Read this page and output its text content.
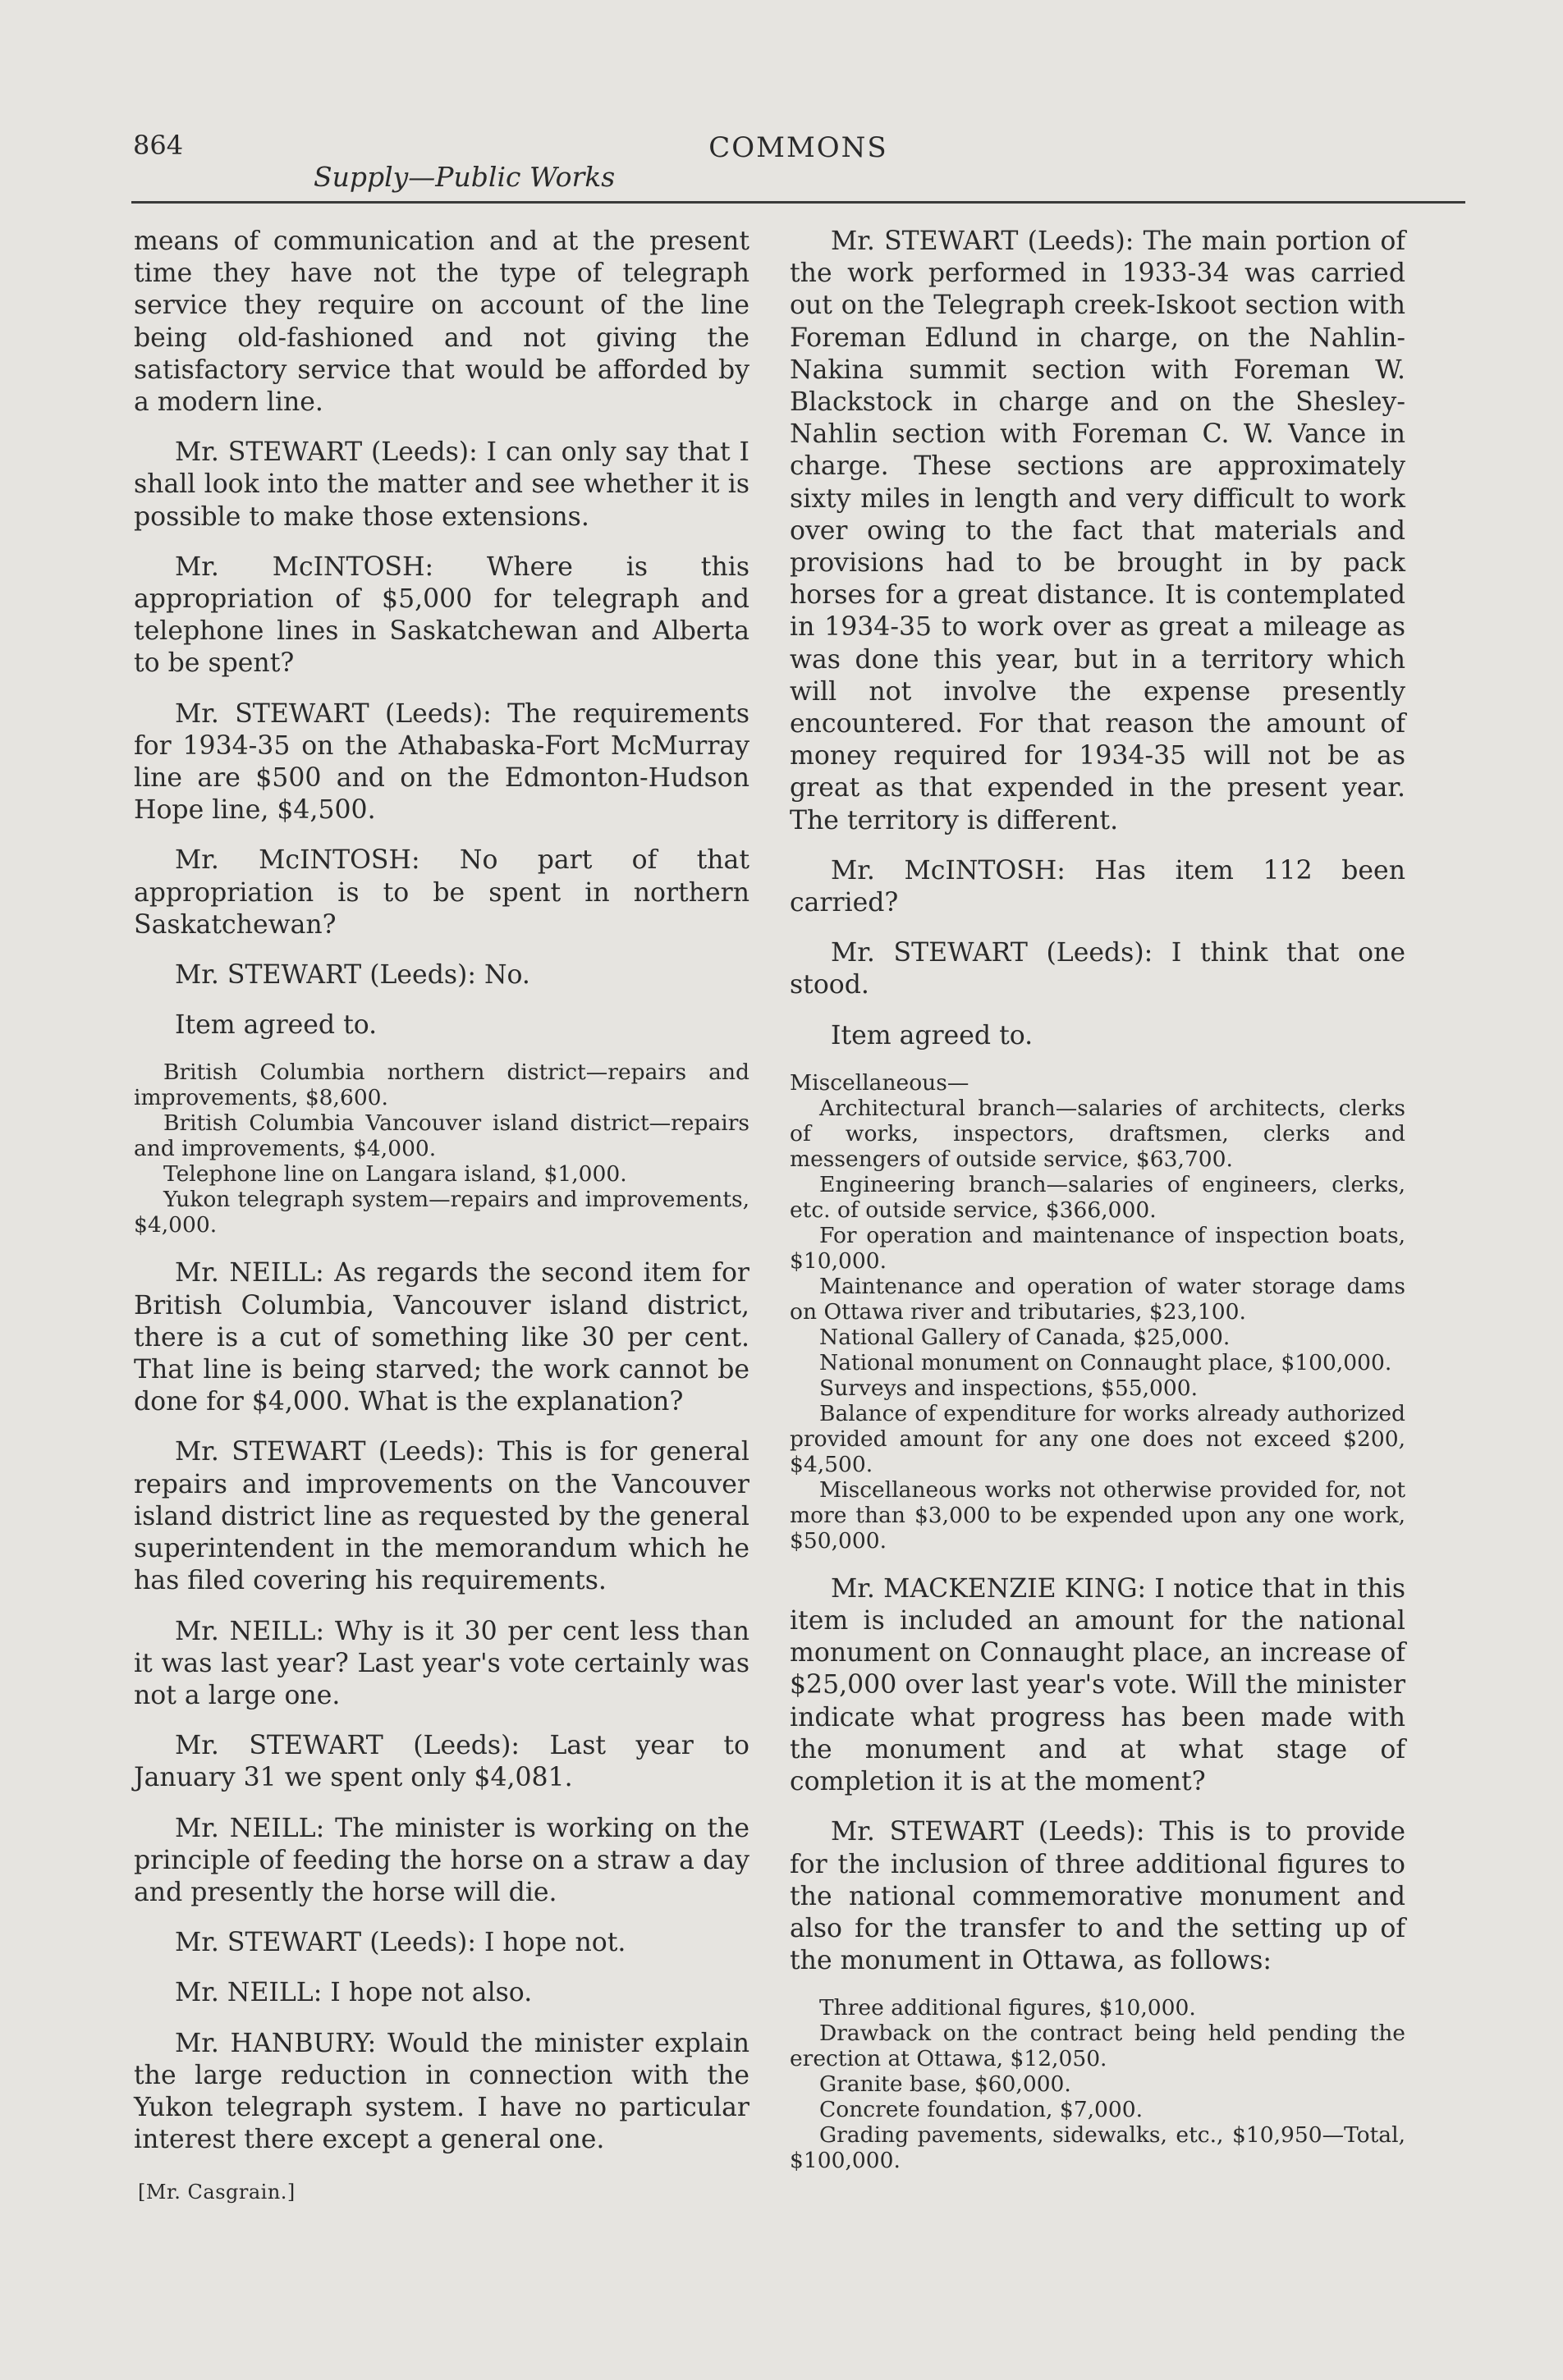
864	COMMONS
Supply—Public Works

means of communication and at the present time they have not the type of telegraph service they require on account of the line being old-fashioned and not giving the satisfactory service that would be afforded by a modern line.

Mr. STEWART (Leeds): I can only say that I shall look into the matter and see whether it is possible to make those extensions.

Mr. McINTOSH: Where is this appropriation of $5,000 for telegraph and telephone lines in Saskatchewan and Alberta to be spent?

Mr. STEWART (Leeds): The requirements for 1934-35 on the Athabaska-Fort McMurray line are $500 and on the Edmonton-Hudson Hope line, $4,500.

Mr. McINTOSH: No part of that appropriation is to be spent in northern Saskatchewan?

Mr. STEWART (Leeds): No.

Item agreed to.

British Columbia northern district—repairs and improvements, $8,600.

British Columbia Vancouver island district—repairs and improvements, $4,000.

Telephone line on Langara island, $1,000.

Yukon telegraph system—repairs and improvements, $4,000.

Mr. NEILL: As regards the second item for British Columbia, Vancouver island district, there is a cut of something like 30 per cent. That line is being starved; the work cannot be done for $4,000. What is the explanation?

Mr. STEWART (Leeds): This is for general repairs and improvements on the Vancouver island district line as requested by the general superintendent in the memorandum which he has filed covering his requirements.

Mr. NEILL: Why is it 30 per cent less than it was last year? Last year's vote certainly was not a large one.

Mr. STEWART (Leeds): Last year to January 31 we spent only $4,081.

Mr. NEILL: The minister is working on the principle of feeding the horse on a straw a day and presently the horse will die.

Mr. STEWART (Leeds): I hope not.

Mr. NEILL: I hope not also.

Mr. HANBURY: Would the minister explain the large reduction in connection with the Yukon telegraph system. I have no particular interest there except a general one.

Mr. STEWART (Leeds): The main portion of the work performed in 1933-34 was carried out on the Telegraph creek-Iskoot section with Foreman Edlund in charge, on the Nahlin-Nakina summit section with Foreman W. Blackstock in charge and on the Shesley-Nahlin section with Foreman C. W. Vance in charge. These sections are approximately sixty miles in length and very difficult to work over owing to the fact that materials and provisions had to be brought in by pack horses for a great distance. It is contemplated in 1934-35 to work over as great a mileage as was done this year, but in a territory which will not involve the expense presently encountered. For that reason the amount of money required for 1934-35 will not be as great as that expended in the present year. The territory is different.

Mr. McINTOSH: Has item 112 been carried?

Mr. STEWART (Leeds): I think that one stood.

Item agreed to.

Miscellaneous—

Architectural branch—salaries of architects, clerks of works, inspectors, draftsmen, clerks and messengers of outside service, $63,700.

Engineering branch—salaries of engineers, clerks, etc. of outside service, $366,000.

For operation and maintenance of inspection boats, $10,000.

Maintenance and operation of water storage dams on Ottawa river and tributaries, $23,100.

National Gallery of Canada, $25,000.

National monument on Connaught place, $100,000.

Surveys and inspections, $55,000.

Balance of expenditure for works already authorized provided amount for any one does not exceed $200, $4,500.

Miscellaneous works not otherwise provided for, not more than $3,000 to be expended upon any one work, $50,000.

Mr. MACKENZIE KING: I notice that in this item is included an amount for the national monument on Connaught place, an increase of $25,000 over last year's vote. Will the minister indicate what progress has been made with the monument and at what stage of completion it is at the moment?

Mr. STEWART (Leeds): This is to provide for the inclusion of three additional figures to the national commemorative monument and also for the transfer to and the setting up of the monument in Ottawa, as follows:

Three additional figures, $10,000.

Drawback on the contract being held pending the erection at Ottawa, $12,050.

Granite base, $60,000.

Concrete foundation, $7,000.

Grading pavements, sidewalks, etc., $10,950—Total, $100,000.

[Mr. Casgrain.]
